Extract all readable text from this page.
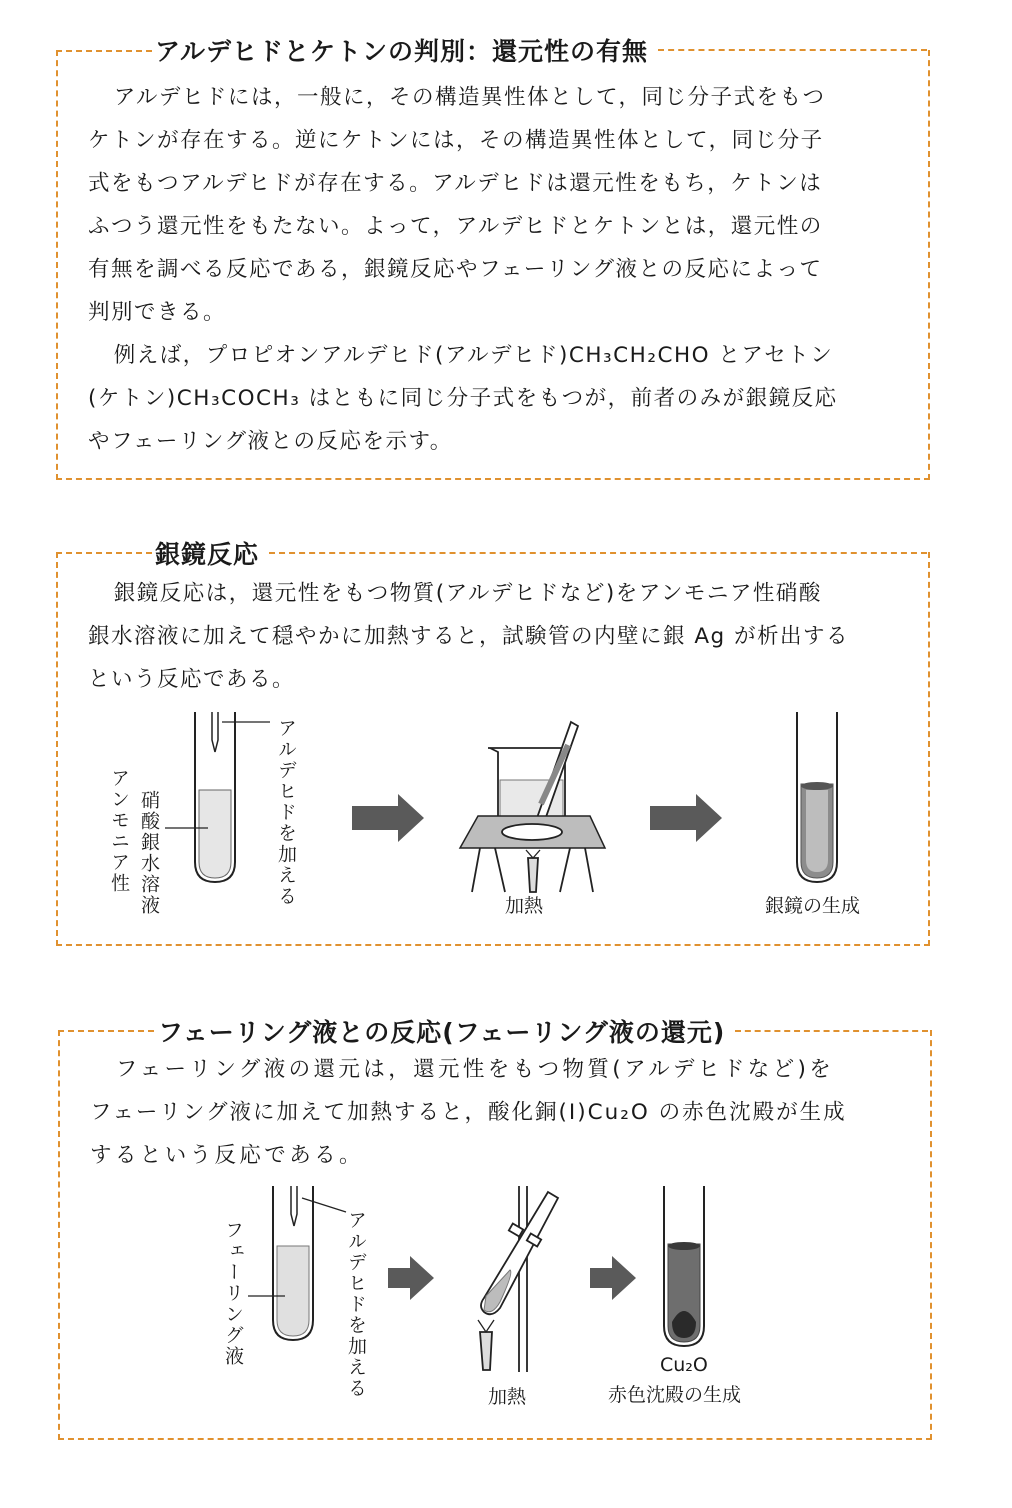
アルデヒドとケトンの判別：還元性の有無
アルデヒドには，一般に，その構造異性体として，同じ分子式をもつ
ケトンが存在する。逆にケトンには，その構造異性体として，同じ分子
式をもつアルデヒドが存在する。アルデヒドは還元性をもち，ケトンは
ふつう還元性をもたない。よって，アルデヒドとケトンとは，還元性の
有無を調べる反応である，銀鏡反応やフェーリング液との反応によって
判別できる。
例えば，プロピオンアルデヒド(アルデヒド)CH₃CH₂CHO とアセトン
(ケトン)CH₃COCH₃ はともに同じ分子式をもつが，前者のみが銀鏡反応
やフェーリング液との反応を示す。
銀鏡反応
銀鏡反応は，還元性をもつ物質(アルデヒドなど)をアンモニア性硝酸
銀水溶液に加えて穏やかに加熱すると，試験管の内壁に銀 Ag が析出する
という反応である。
アンモニア性 硝酸銀水溶液	アルデヒドを加える	加熱	銀鏡の生成
フェーリング液との反応(フェーリング液の還元)
フェーリング液の還元は，還元性をもつ物質(アルデヒドなど)を
フェーリング液に加えて加熱すると，酸化銅(Ⅰ)Cu₂O の赤色沈殿が生成
するという反応である。
フェーリング液	アルデヒドを加える	加熱
Cu₂O
赤色沈殿の生成
